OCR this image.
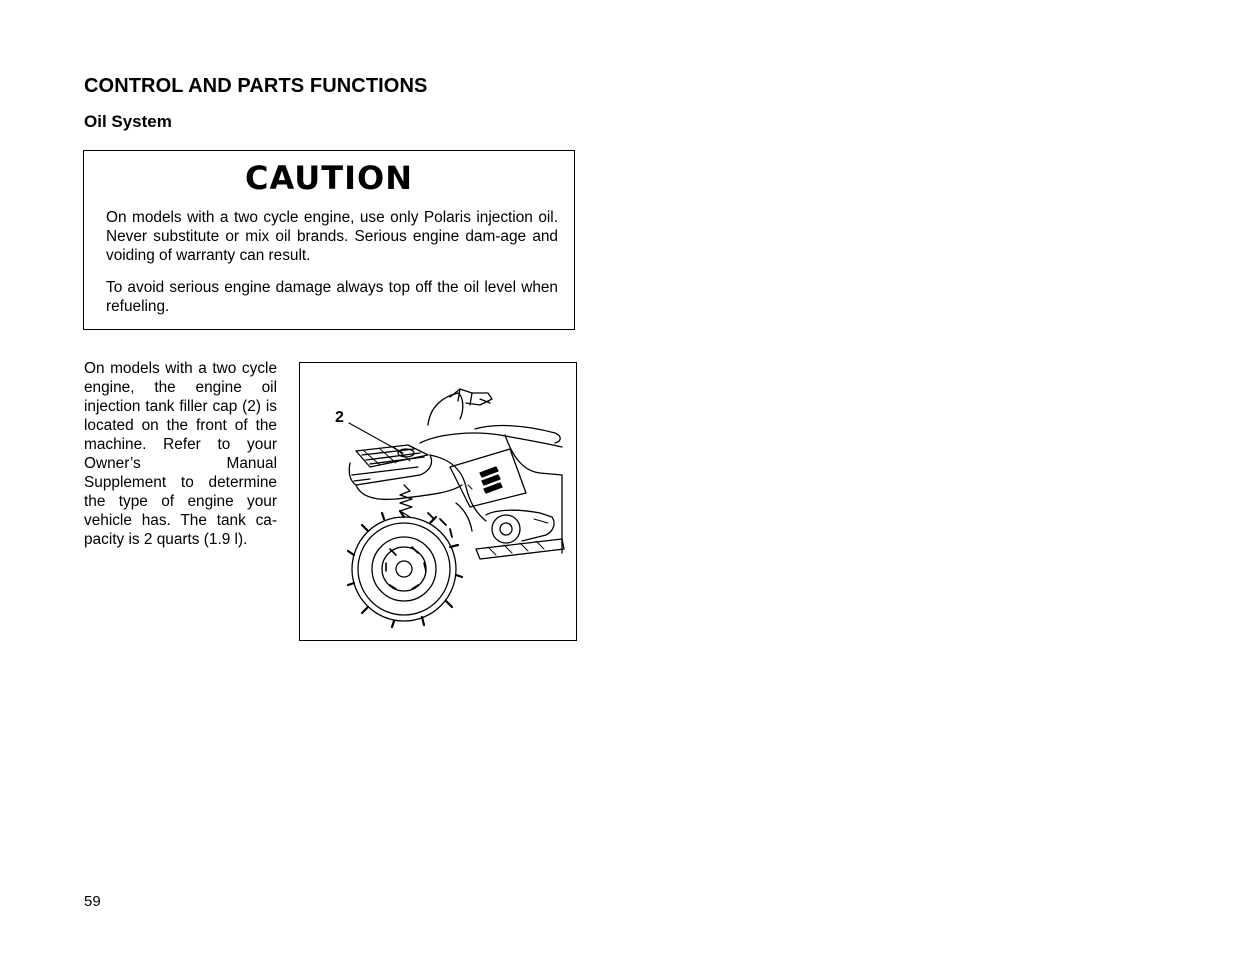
CONTROL AND PARTS FUNCTIONS
Oil System
CAUTION

On models with a two cycle engine, use only Polaris injection oil. Never substitute or mix oil brands. Serious engine dam-age and voiding of warranty can result.

To avoid serious engine damage always top off the oil level when refueling.

On models with a two cycle engine, the engine oil injection tank filler cap (2) is located on the front of the machine. Refer to your Owner’s Manual Supplement to determine the type of engine your vehicle has. The tank ca-pacity is 2 quarts (1.9 l).

2
59
